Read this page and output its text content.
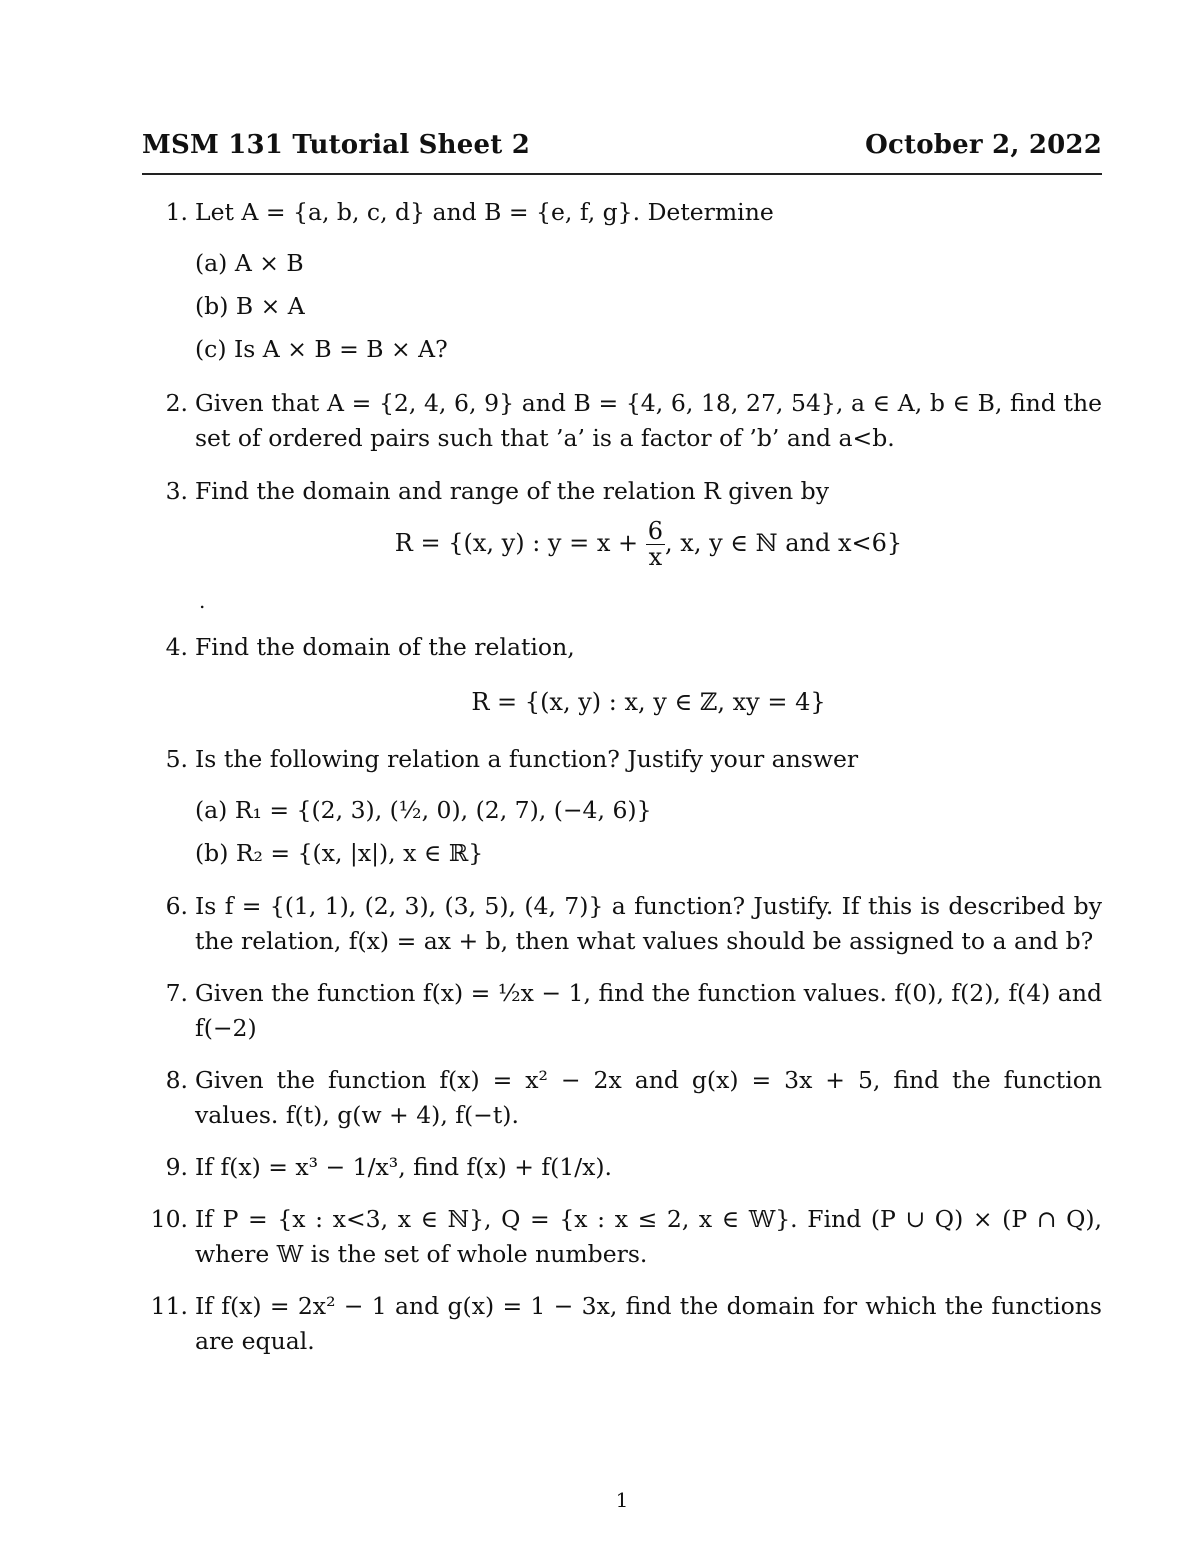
MSM 131 Tutorial Sheet 2	October 2, 2022
1. Let A = {a, b, c, d} and B = {e, f, g}. Determine
(a) A × B
(b) B × A
(c) Is A × B = B × A?
2. Given that A = {2, 4, 6, 9} and B = {4, 6, 18, 27, 54}, a ∈ A, b ∈ B, find the set of ordered pairs such that ’a’ is a factor of ’b’ and a<b.
3. Find the domain and range of the relation R given by
R = {(x, y) : $y = x + \frac{6}{x}$ , x, y ∈ ℕ and x<6}
.
4. Find the domain of the relation,
R = {(x, y) : x, y ∈ ℤ, xy = 4}
5. Is the following relation a function? Justify your answer
(a) R₁ = {(2, 3), (½, 0), (2, 7), (−4, 6)}
(b) R₂ = {(x, |x|), x ∈ ℝ}
6. Is f = {(1, 1), (2, 3), (3, 5), (4, 7)} a function? Justify. If this is described by the relation, f(x) = ax + b, then what values should be assigned to a and b?
7. Given the function f(x) = ½x − 1, find the function values. f(0), f(2), f(4) and f(−2)
8. Given the function f(x) = x² − 2x and g(x) = 3x + 5, find the function values. f(t), g(w + 4), f(−t).
9. If f(x) = x³ − 1/x³, find f(x) + f(1/x).
10. If P = {x : x<3, x ∈ ℕ}, Q = {x : x ≤ 2, x ∈ 𝕎}. Find (P ∪ Q) × (P ∩ Q), where 𝕎 is the set of whole numbers.
11. If f(x) = 2x² − 1 and g(x) = 1 − 3x, find the domain for which the functions are equal.
1
